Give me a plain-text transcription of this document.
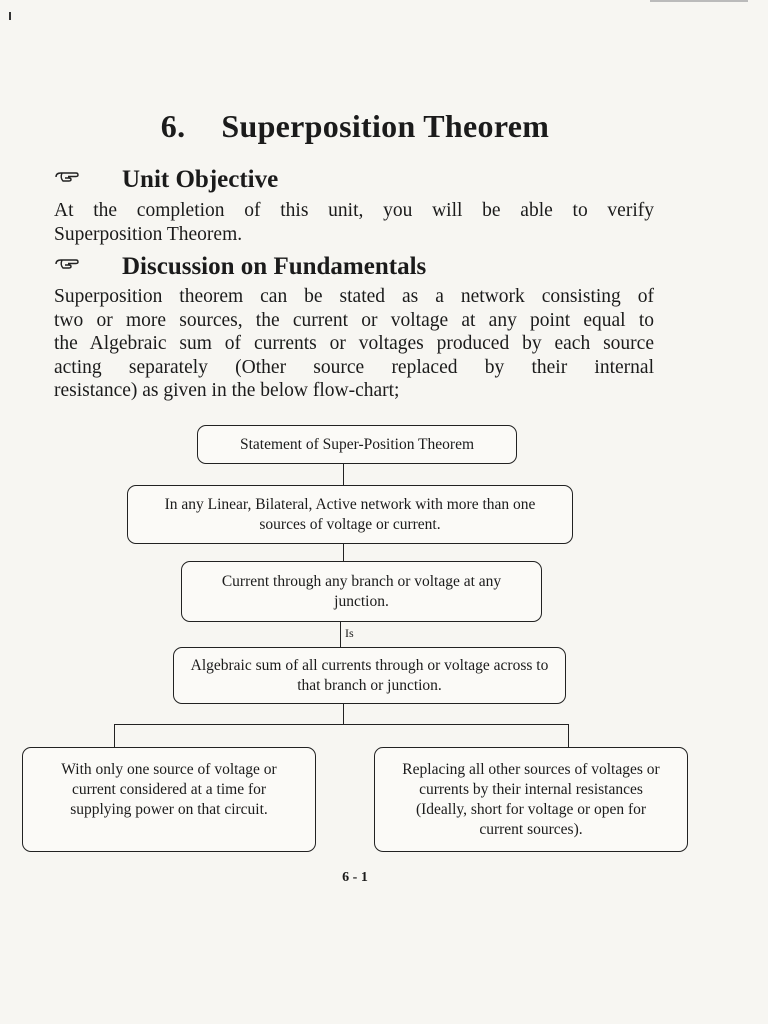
6. Superposition Theorem
Unit Objective
At the completion of this unit, you will be able to verify
Superposition Theorem.
Discussion on Fundamentals
Superposition theorem can be stated as a network consisting of
two or more sources, the current or voltage at any point equal to
the Algebraic sum of currents or voltages produced by each source
acting separately (Other source replaced by their internal
resistance) as given in the below flow-chart;
Statement of Super-Position Theorem
In any Linear, Bilateral, Active network with more than one sources of voltage or current.
Current through any branch or voltage at any junction.
Is
Algebraic sum of all currents through or voltage across to that branch or junction.
With only one source of voltage or current considered at a time for supplying power on that circuit.
Replacing all other sources of voltages or currents by their internal resistances (Ideally, short for voltage or open for current sources).
6 - 1
